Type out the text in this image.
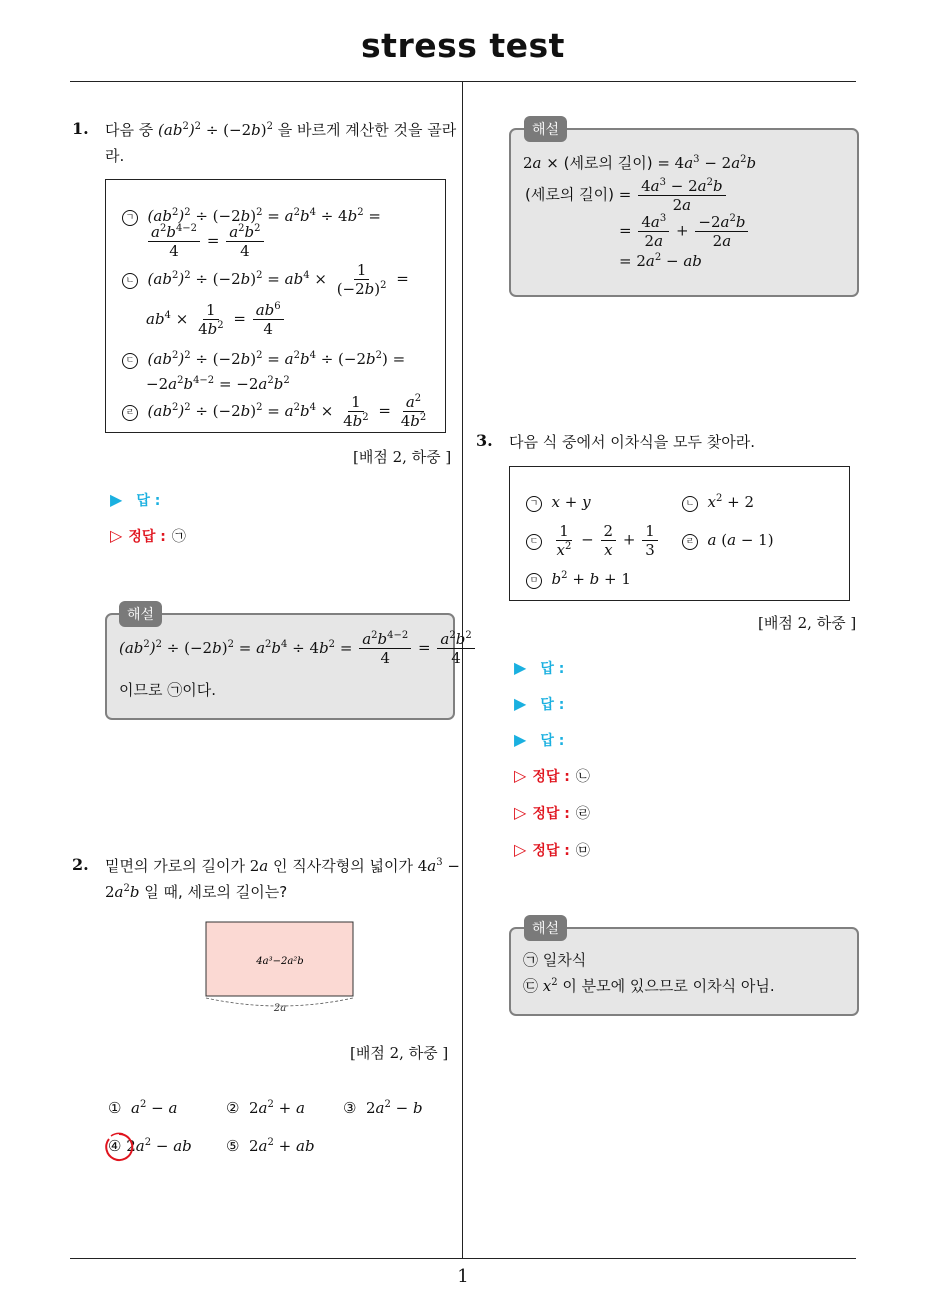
stress test
1
1. 다음 중 $(ab^2)^2 \div (-2b)^2$ 을 바르게 계산한 것을 골라
라.
ㄱ $(ab^2)^2 \div (-2b)^2 = a^2b^4 \div 4b^2$ =
$\frac{a^2b^{4-2}}{4} = \frac{a^2b^2}{4}$
ㄴ $(ab^2)^2 \div (-2b)^2 = ab^4 \times \frac{1}{(-2b)^2}$ =
$ab^4 \times \frac{1}{4b^2} = \frac{ab^6}{4}$
ㄷ $(ab^2)^2 \div (-2b)^2 = a^2b^4 \div (-2b^2)$ =
$-2a^2b^{4-2} = -2a^2b^2$
ㄹ $(ab^2)^2 \div (-2b)^2 = a^2b^4 \times \frac{1}{4b^2} = \frac{a^2}{4b^2}$
[배점 2, 하중 ]
▶ 답 :
▷ 정답 : ㉠
$(ab^2)^2 \div (-2b)^2 = a^2b^4 \div 4b^2 = \frac{a^2b^{4-2}}{4} = \frac{a^2b^2}{4}$
이므로 ㉠이다.
해설
2. 밑면의 가로의 길이가 2a 인 직사각형의 넓이가 $4a^3$ −
$2a^2b$ 일 때, 세로의 길이는?
4a³−2a²b
2a
[배점 2, 하중 ]
① $a^2 - a$	② $2a^2 + a$	③ $2a^2 - b$
④ $2a^2$ − ab ⑤ $2a^2$ + ab
2a × (세로의 길이) = $4a^3 - 2a^2b$
(세로의 길이) = $\frac{4a^3 - 2a^2b}{2a}$
= $\frac{4a^3}{2a} + \frac{-2a^2b}{2a}$
= $2a^2$ − ab
해설
3. 다음 식 중에서 이차식을 모두 찾아라.
ㄱ x + y	ㄴ $x^2 + 2$
ㄷ $\frac{1}{x^2} - \frac{2}{x} + \frac{1}{3}$	ㄹ a (a − 1)
ㅁ $b^2 + b + 1$
[배점 2, 하중 ]
▶ 답 :
▶ 답 :
▶ 답 :
▷ 정답 : ㉡
▷ 정답 : ㉣
▷ 정답 : ㉤
㉠ 일차식
㉢ $x^2$ 이 분모에 있으므로 이차식 아님.
해설
